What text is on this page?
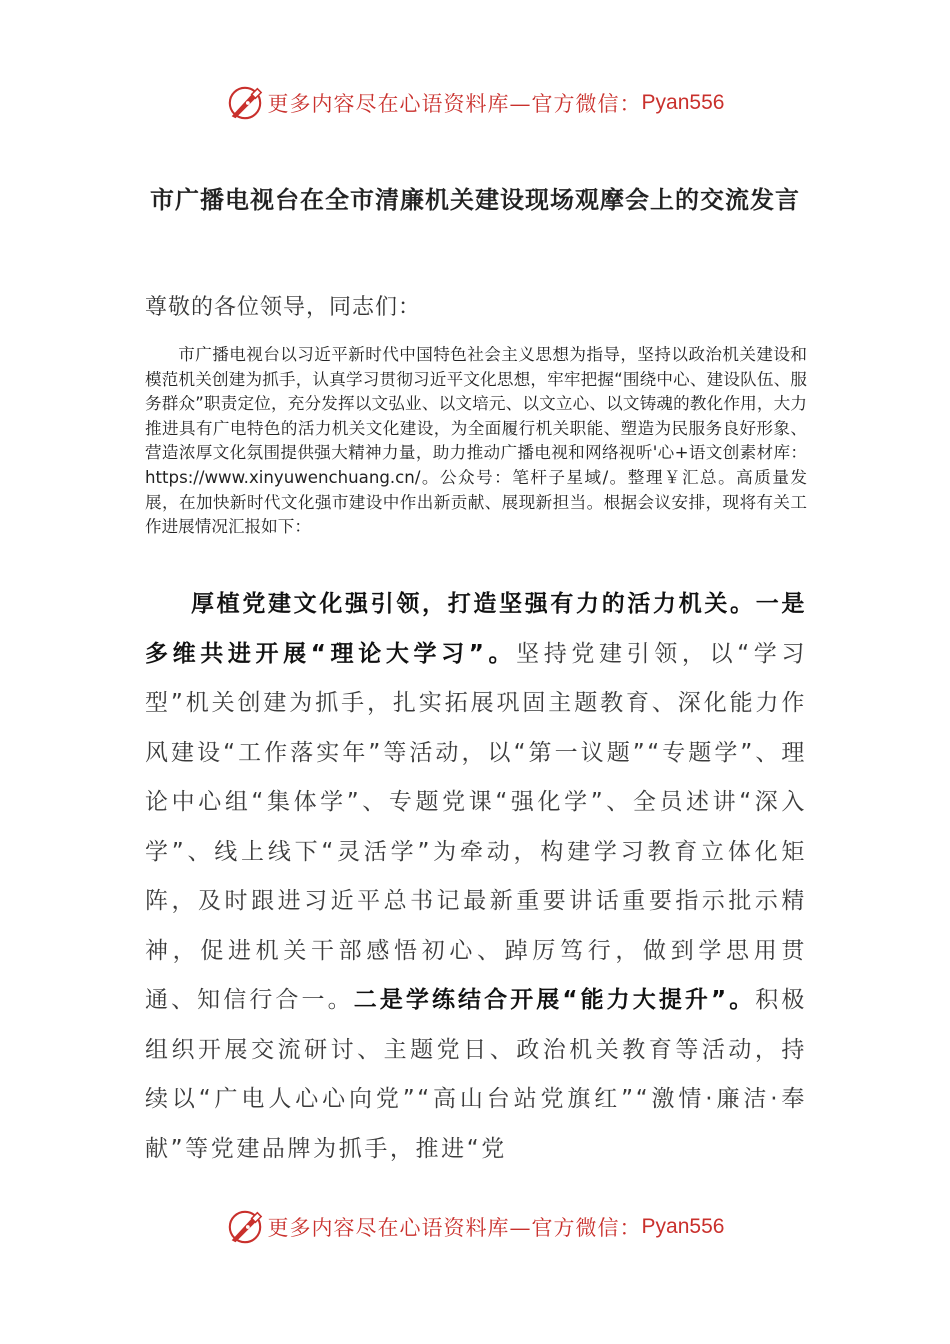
更多内容尽在心语资料库—官方微信： Pyan556
市广播电视台在全市清廉机关建设现场观摩会上的交流发言
尊敬的各位领导，同志们：

市广播电视台以习近平新时代中国特色社会主义思想为指导，坚持以政治机关建设和模范机关创建为抓手，认真学习贯彻习近平文化思想，牢牢把握“围绕中心、建设队伍、服务群众”职责定位，充分发挥以文弘业、以文培元、以文立心、以文铸魂的教化作用，大力推进具有广电特色的活力机关文化建设，为全面履行机关职能、塑造为民服务良好形象、营造浓厚文化氛围提供强大精神力量，助力推动广播电视和网络视听'心+语文创素材库：https://www.xinyuwenchuang.cn/。公众号：笔杆子星域/。整理￥汇总。高质量发展，在加快新时代文化强市建设中作出新贡献、展现新担当。根据会议安排，现将有关工作进展情况汇报如下：

厚植党建文化强引领，打造坚强有力的活力机关。一是多维共进开展“理论大学习”。坚持党建引领，以“学习型”机关创建为抓手，扎实拓展巩固主题教育、深化能力作风建设“工作落实年”等活动，以“第一议题”“专题学”、理论中心组“集体学”、专题党课“强化学”、全员述讲“深入学”、线上线下“灵活学”为牵动，构建学习教育立体化矩阵，及时跟进习近平总书记最新重要讲话重要指示批示精神，促进机关干部感悟初心、踔厉笃行，做到学思用贯通、知信行合一。二是学练结合开展“能力大提升”。积极组织开展交流研讨、主题党日、政治机关教育等活动，持续以“广电人心心向党”“高山台站党旗红”“激情·廉洁·奉献”等党建品牌为抓手，推进“党

更多内容尽在心语资料库—官方微信： Pyan556
